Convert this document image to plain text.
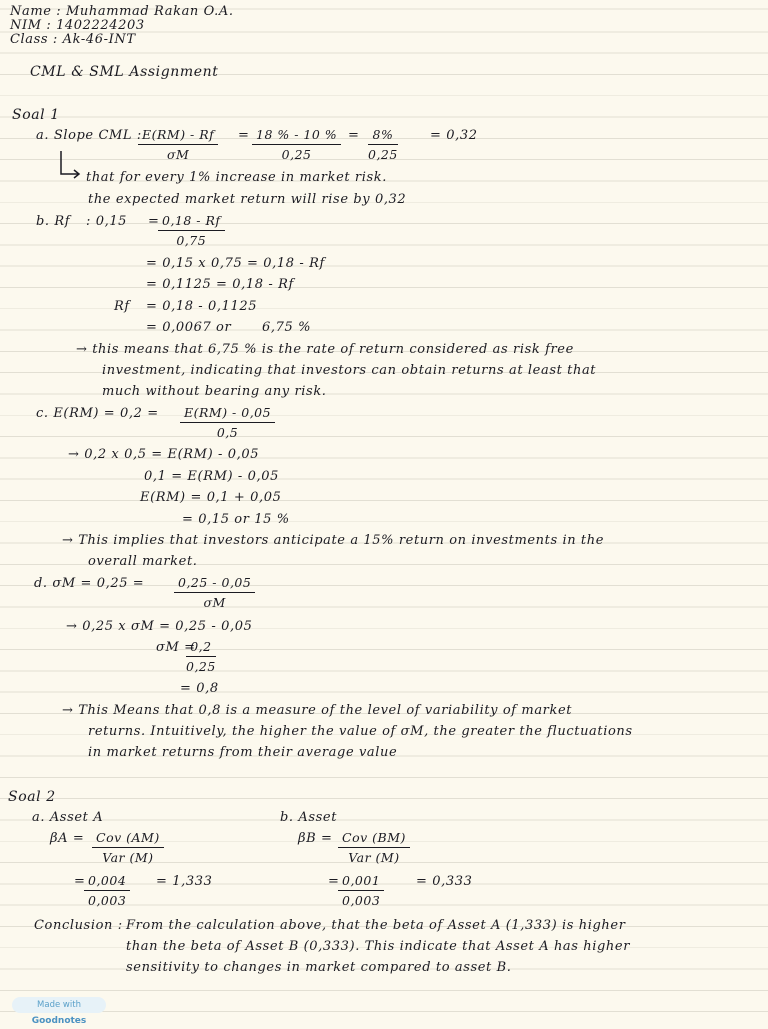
Name : Muhammad Rakan O.A.
NIM : 1402224203
Class : Ak-46-INT
CML & SML Assignment
Soal 1
a. Slope CML :
$\frac{E(RM) - Rf}{\sigma M} = \frac{18 \% - 10 \%}{0,25} = \frac{8\%}{0,25} = 0,32$
that for every 1% increase in market risk.
the expected market return will rise by 0,32
b. Rf : 0,15 =
$\frac{0,18 - Rf}{0,75}$
= 0,15 x 0,75 = 0,18 - Rf
= 0,1125 = 0,18 - Rf
Rf = 0,18 - 0,1125
= 0,0067 or 6,75 %
→ this means that 6,75 % is the rate of return considered as risk free
investment, indicating that investors can obtain returns at least that
much without bearing any risk.
c. $E(RM) = 0,2 = \frac{E(RM) - 0,05}{0,5}$
→ 0,2 x 0,5 = E(RM) - 0,05
0,1 = E(RM) - 0,05
E(RM) = 0,1 + 0,05
= 0,15 or 15 %
→ This implies that investors anticipate a 15% return on investments in the
overall market.
d. $\sigma M = 0,25 = \frac{0,25 - 0,05}{\sigma M}$
→ 0,25 x σM = 0,25 - 0,05
σM =
$\frac{0,2}{0,25}$
= 0,8
→ This Means that 0,8 is a measure of the level of variability of market
returns. Intuitively, the higher the value of σM, the greater the fluctuations
in market returns from their average value
Soal 2
a. Asset A
βA = Cov (AM)
Var (M)
=
$\frac{0,004}{0,003} = 1,333$
b. Asset
βB = Cov (BM)
Var (M)
=
$\frac{0,001}{0,003} = 0,333$
Conclusion : From the calculation above, that the beta of Asset A (1,333) is higher
than the beta of Asset B (0,333). This indicate that Asset A has higher
sensitivity to changes in market compared to asset B.
Made with Goodnotes
